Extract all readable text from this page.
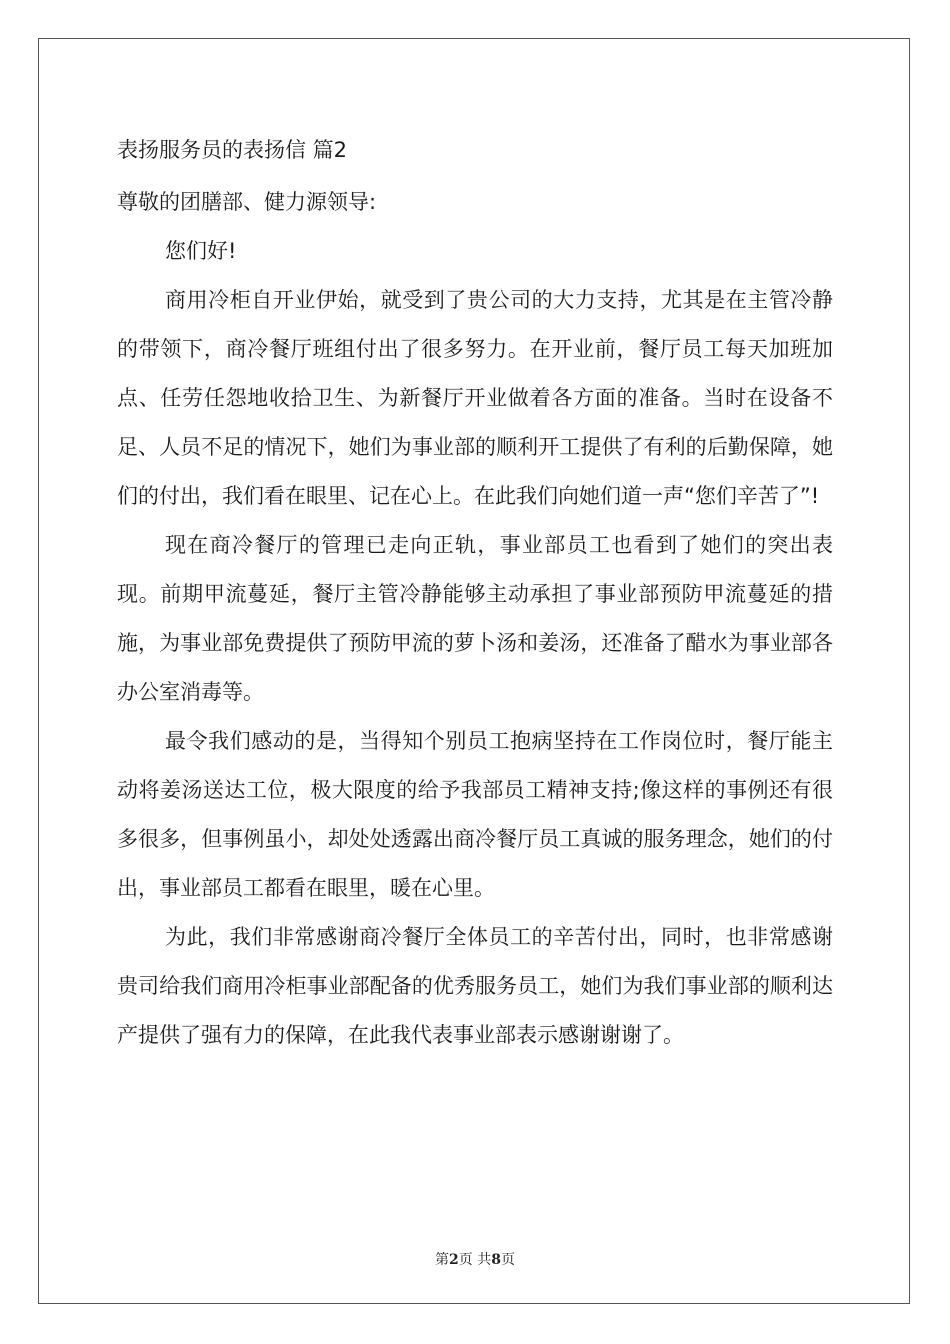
表扬服务员的表扬信 篇2

尊敬的团膳部、健力源领导:

您们好!

商用冷柜自开业伊始，就受到了贵公司的大力支持，尤其是在主管冷静的带领下，商冷餐厅班组付出了很多努力。在开业前，餐厅员工每天加班加点、任劳任怨地收拾卫生、为新餐厅开业做着各方面的准备。当时在设备不足、人员不足的情况下，她们为事业部的顺利开工提供了有利的后勤保障，她们的付出，我们看在眼里、记在心上。在此我们向她们道一声“您们辛苦了”!

现在商冷餐厅的管理已走向正轨，事业部员工也看到了她们的突出表现。前期甲流蔓延，餐厅主管冷静能够主动承担了事业部预防甲流蔓延的措施，为事业部免费提供了预防甲流的萝卜汤和姜汤，还准备了醋水为事业部各办公室消毒等。

最令我们感动的是，当得知个别员工抱病坚持在工作岗位时，餐厅能主动将姜汤送达工位，极大限度的给予我部员工精神支持;像这样的事例还有很多很多，但事例虽小，却处处透露出商冷餐厅员工真诚的服务理念，她们的付出，事业部员工都看在眼里，暖在心里。

为此，我们非常感谢商冷餐厅全体员工的辛苦付出，同时，也非常感谢贵司给我们商用冷柜事业部配备的优秀服务员工，她们为我们事业部的顺利达产提供了强有力的保障，在此我代表事业部表示感谢谢谢了。

第2页 共8页
